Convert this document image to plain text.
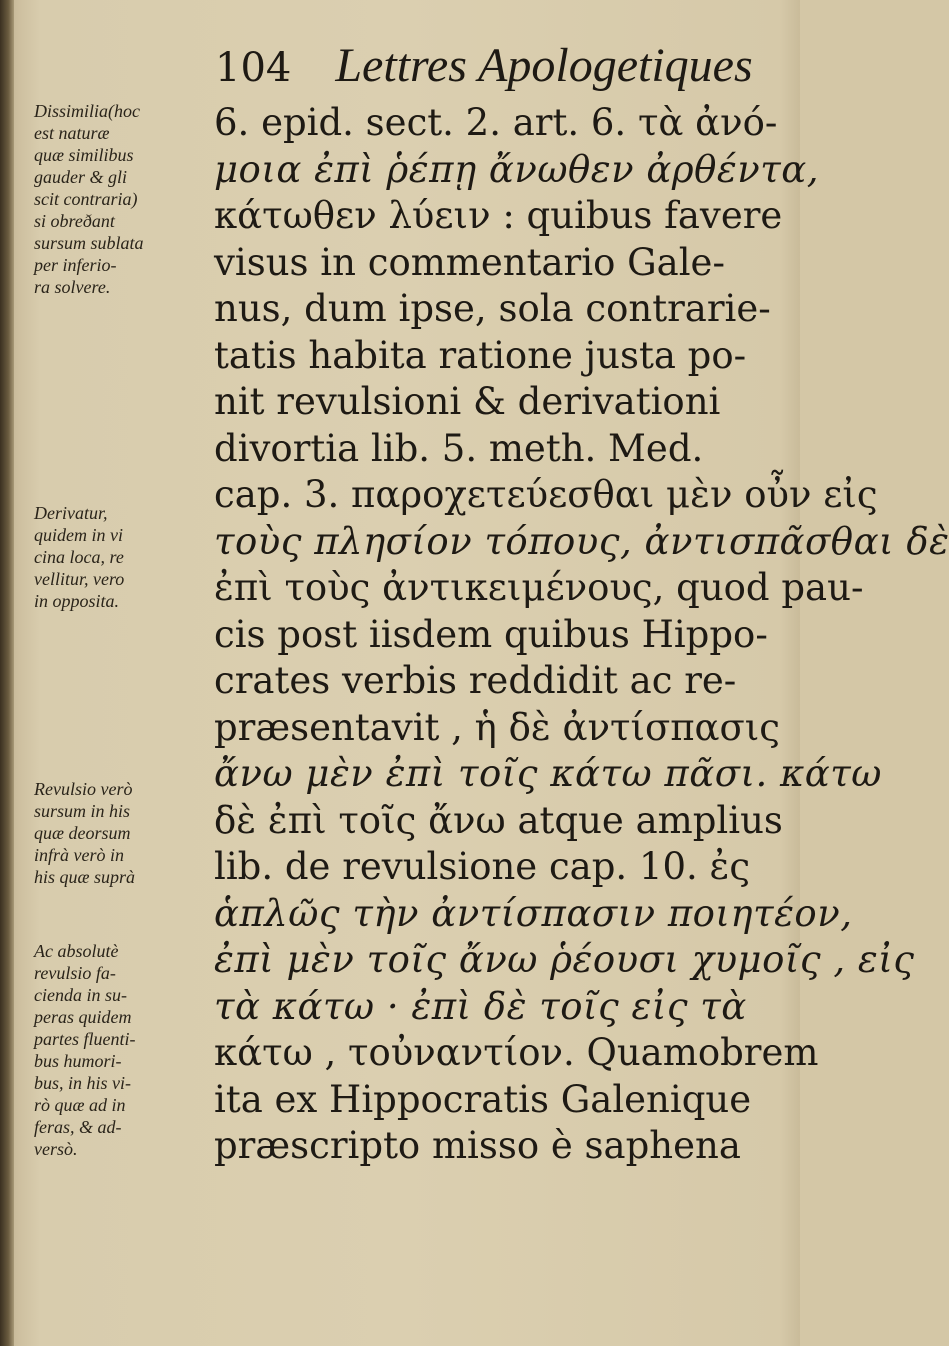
104 Lettres Apologetiques
Dissimilia(hoc
est naturæ
quæ similibus
gauder & gli
scit contraria)
si obreðant
sursum sublata
per inferio-
ra solvere.
Derivatur,
quidem in vi
cina loca, re
vellitur, vero
in opposita.
Revulsio verò
sursum in his
quæ deorsum
infrà verò in
his quæ suprà
Ac absolutè
revulsio fa-
cienda in su-
peras quidem
partes fluenti-
bus humori-
bus, in his vi-
rò quæ ad in
feras, & ad-
versò.
6. epid. sect. 2. art. 6. τὰ ἀνό-
μοια ἐπὶ ῥέπῃ ἄνωθεν ἀρθέντα,
κάτωθεν λύειν : quibus favere
visus in commentario Gale-
nus, dum ipse, sola contrarie-
tatis habita ratione justa po-
nit revulsioni & derivationi
divortia lib. 5. meth. Med.
cap. 3. παροχετεύεσθαι μὲν οὖν εἰς
τοὺς πλησίον τόπους, ἀντισπᾶσθαι δὲ
ἐπὶ τοὺς ἀντικειμένους, quod pau-
cis post iisdem quibus Hippo-
crates verbis reddidit ac re-
præsentavit , ἡ δὲ ἀντίσπασις
ἄνω μὲν ἐπὶ τοῖς κάτω πᾶσι. κάτω
δὲ ἐπὶ τοῖς ἄνω atque amplius
lib. de revulsione cap. 10. ἐς
ἁπλῶς τὴν ἀντίσπασιν ποιητέον,
ἐπὶ μὲν τοῖς ἄνω ῥέουσι χυμοῖς , εἰς
τὰ κάτω · ἐπὶ δὲ τοῖς εἰς τὰ
κάτω , τοὐναντίον. Quamobrem
ita ex Hippocratis Galenique
præscripto misso è saphena
